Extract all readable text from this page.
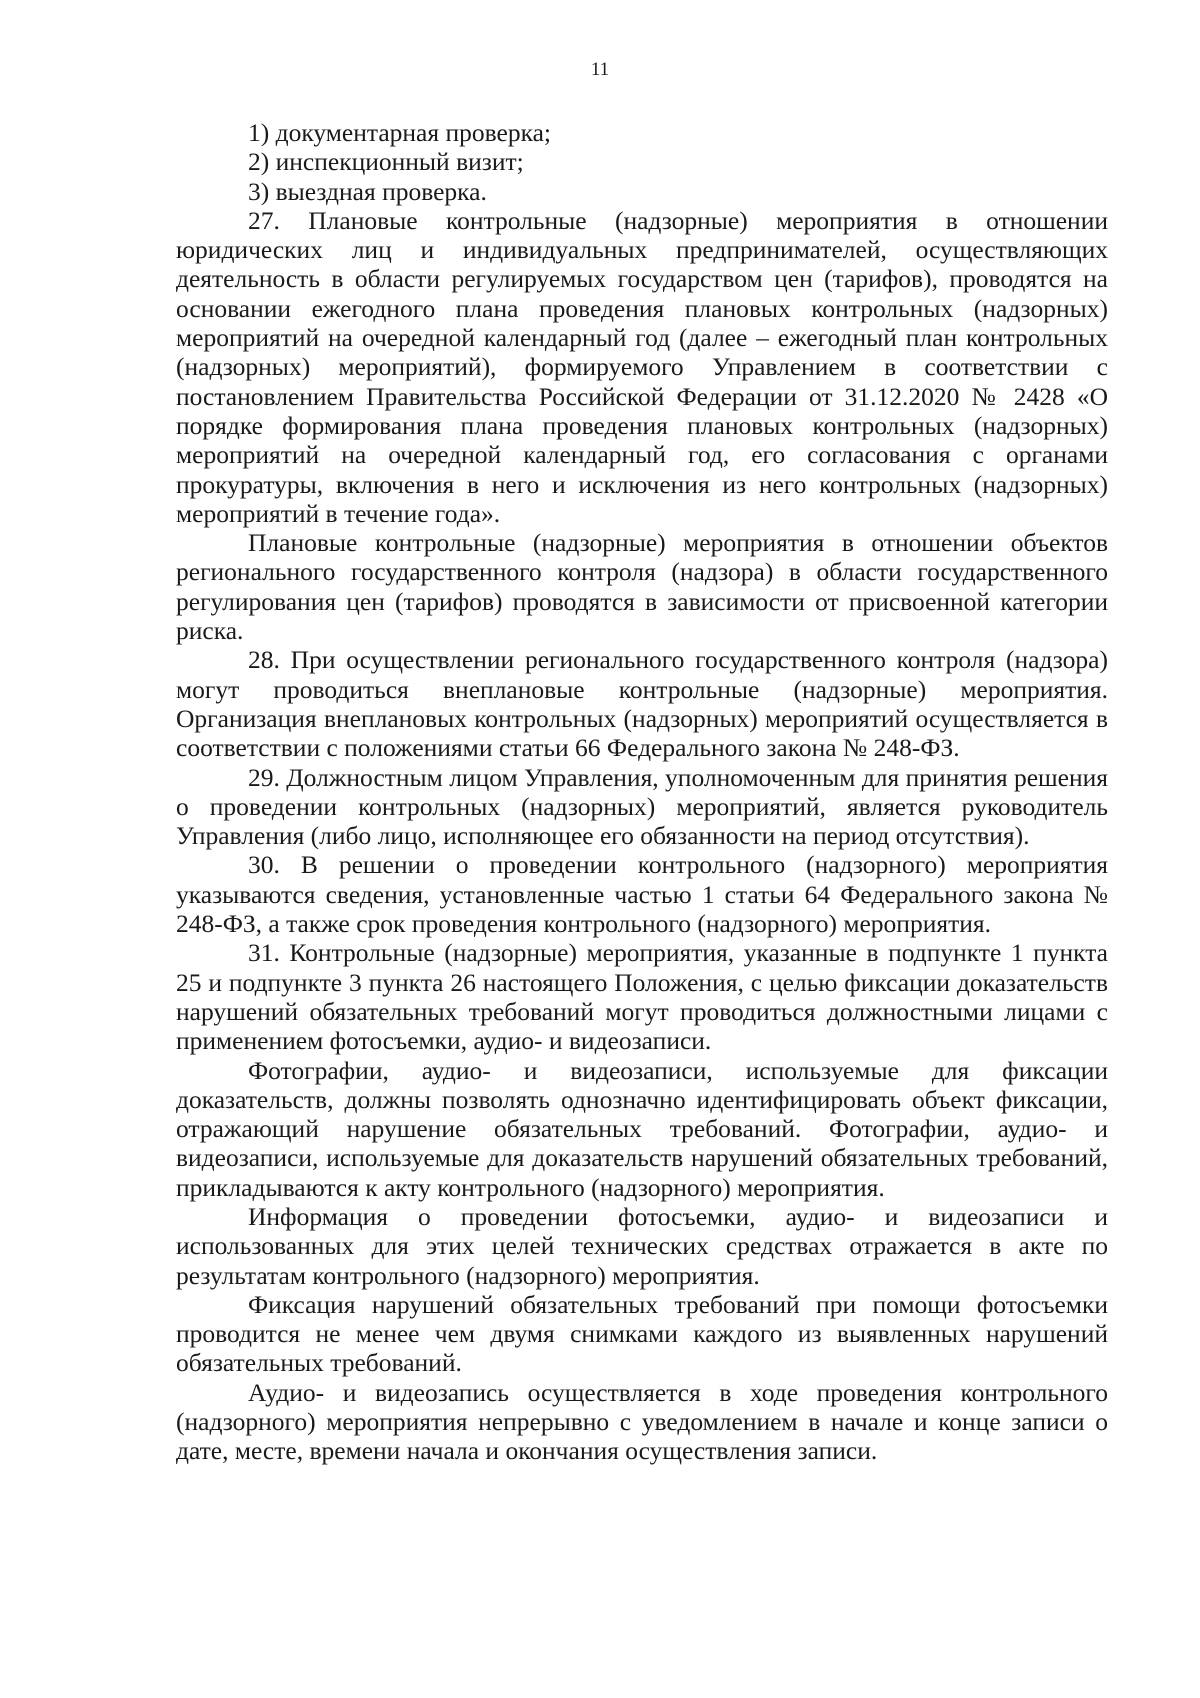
11

1) документарная проверка;

2) инспекционный визит;

3) выездная проверка.

27. Плановые контрольные (надзорные) мероприятия в отношении юридических лиц и индивидуальных предпринимателей, осуществляющих деятельность в области регулируемых государством цен (тарифов), проводятся на основании ежегодного плана проведения плановых контрольных (надзорных) мероприятий на очередной календарный год (далее – ежегодный план контрольных (надзорных) мероприятий), формируемого Управлением в соответствии с постановлением Правительства Российской Федерации от 31.12.2020 № 2428 «О порядке формирования плана проведения плановых контрольных (надзорных) мероприятий на очередной календарный год, его согласования с органами прокуратуры, включения в него и исключения из него контрольных (надзорных) мероприятий в течение года».

Плановые контрольные (надзорные) мероприятия в отношении объектов регионального государственного контроля (надзора) в области государственного регулирования цен (тарифов) проводятся в зависимости от присвоенной категории риска.

28. При осуществлении регионального государственного контроля (надзора) могут проводиться внеплановые контрольные (надзорные) мероприятия. Организация внеплановых контрольных (надзорных) мероприятий осуществляется в соответствии с положениями статьи 66 Федерального закона № 248-ФЗ.

29. Должностным лицом Управления, уполномоченным для принятия решения о проведении контрольных (надзорных) мероприятий, является руководитель Управления (либо лицо, исполняющее его обязанности на период отсутствия).

30. В решении о проведении контрольного (надзорного) мероприятия указываются сведения, установленные частью 1 статьи 64 Федерального закона № 248-ФЗ, а также срок проведения контрольного (надзорного) мероприятия.

31. Контрольные (надзорные) мероприятия, указанные в подпункте 1 пункта 25 и подпункте 3 пункта 26 настоящего Положения, с целью фиксации доказательств нарушений обязательных требований могут проводиться должностными лицами с применением фотосъемки, аудио- и видеозаписи.

Фотографии, аудио- и видеозаписи, используемые для фиксации доказательств, должны позволять однозначно идентифицировать объект фиксации, отражающий нарушение обязательных требований. Фотографии, аудио- и видеозаписи, используемые для доказательств нарушений обязательных требований, прикладываются к акту контрольного (надзорного) мероприятия.

Информация о проведении фотосъемки, аудио- и видеозаписи и использованных для этих целей технических средствах отражается в акте по результатам контрольного (надзорного) мероприятия.

Фиксация нарушений обязательных требований при помощи фотосъемки проводится не менее чем двумя снимками каждого из выявленных нарушений обязательных требований.

Аудио- и видеозапись осуществляется в ходе проведения контрольного (надзорного) мероприятия непрерывно с уведомлением в начале и конце записи о дате, месте, времени начала и окончания осуществления записи.
